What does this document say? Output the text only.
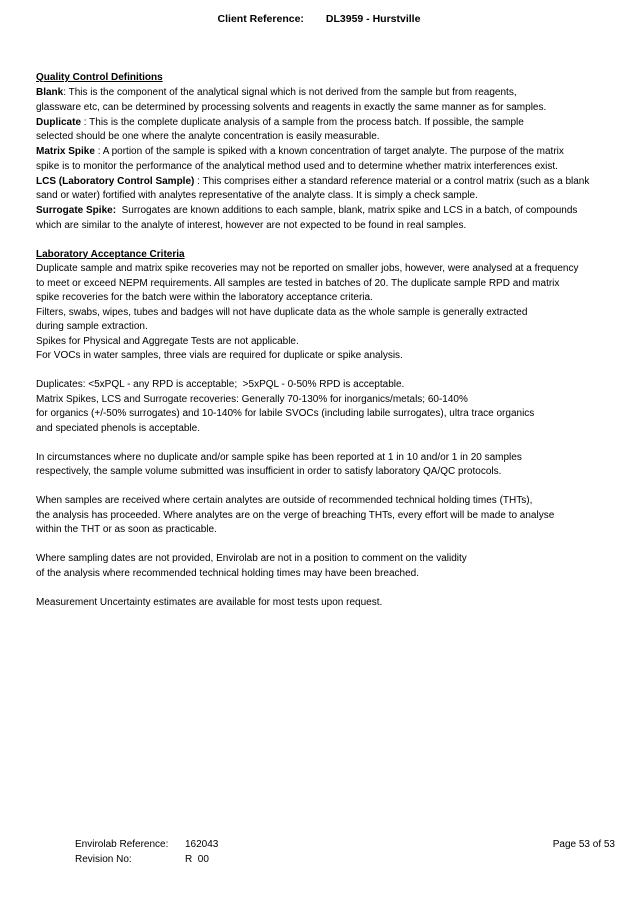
Client Reference: DL3959 - Hurstville
Quality Control Definitions
Blank: This is the component of the analytical signal which is not derived from the sample but from reagents,
glassware etc, can be determined by processing solvents and reagents in exactly the same manner as for samples.
Duplicate : This is the complete duplicate analysis of a sample from the process batch. If possible, the sample
selected should be one where the analyte concentration is easily measurable.
Matrix Spike : A portion of the sample is spiked with a known concentration of target analyte. The purpose of the matrix
spike is to monitor the performance of the analytical method used and to determine whether matrix interferences exist.
LCS (Laboratory Control Sample) : This comprises either a standard reference material or a control matrix (such as a blank
sand or water) fortified with analytes representative of the analyte class. It is simply a check sample.
Surrogate Spike:  Surrogates are known additions to each sample, blank, matrix spike and LCS in a batch, of compounds
which are similar to the analyte of interest, however are not expected to be found in real samples.
Laboratory Acceptance Criteria
Duplicate sample and matrix spike recoveries may not be reported on smaller jobs, however, were analysed at a frequency
to meet or exceed NEPM requirements. All samples are tested in batches of 20. The duplicate sample RPD and matrix
spike recoveries for the batch were within the laboratory acceptance criteria.
Filters, swabs, wipes, tubes and badges will not have duplicate data as the whole sample is generally extracted
during sample extraction.
Spikes for Physical and Aggregate Tests are not applicable.
For VOCs in water samples, three vials are required for duplicate or spike analysis.
Duplicates: <5xPQL - any RPD is acceptable;  >5xPQL - 0-50% RPD is acceptable.
Matrix Spikes, LCS and Surrogate recoveries: Generally 70-130% for inorganics/metals; 60-140%
for organics (+/-50% surrogates) and 10-140% for labile SVOCs (including labile surrogates), ultra trace organics
and speciated phenols is acceptable.
In circumstances where no duplicate and/or sample spike has been reported at 1 in 10 and/or 1 in 20 samples
respectively, the sample volume submitted was insufficient in order to satisfy laboratory QA/QC protocols.
When samples are received where certain analytes are outside of recommended technical holding times (THTs),
the analysis has proceeded. Where analytes are on the verge of breaching THTs, every effort will be made to analyse
within the THT or as soon as practicable.
Where sampling dates are not provided, Envirolab are not in a position to comment on the validity
of the analysis where recommended technical holding times may have been breached.
Measurement Uncertainty estimates are available for most tests upon request.
Envirolab Reference: 162043	Page 53 of 53
Revision No:	R  00
